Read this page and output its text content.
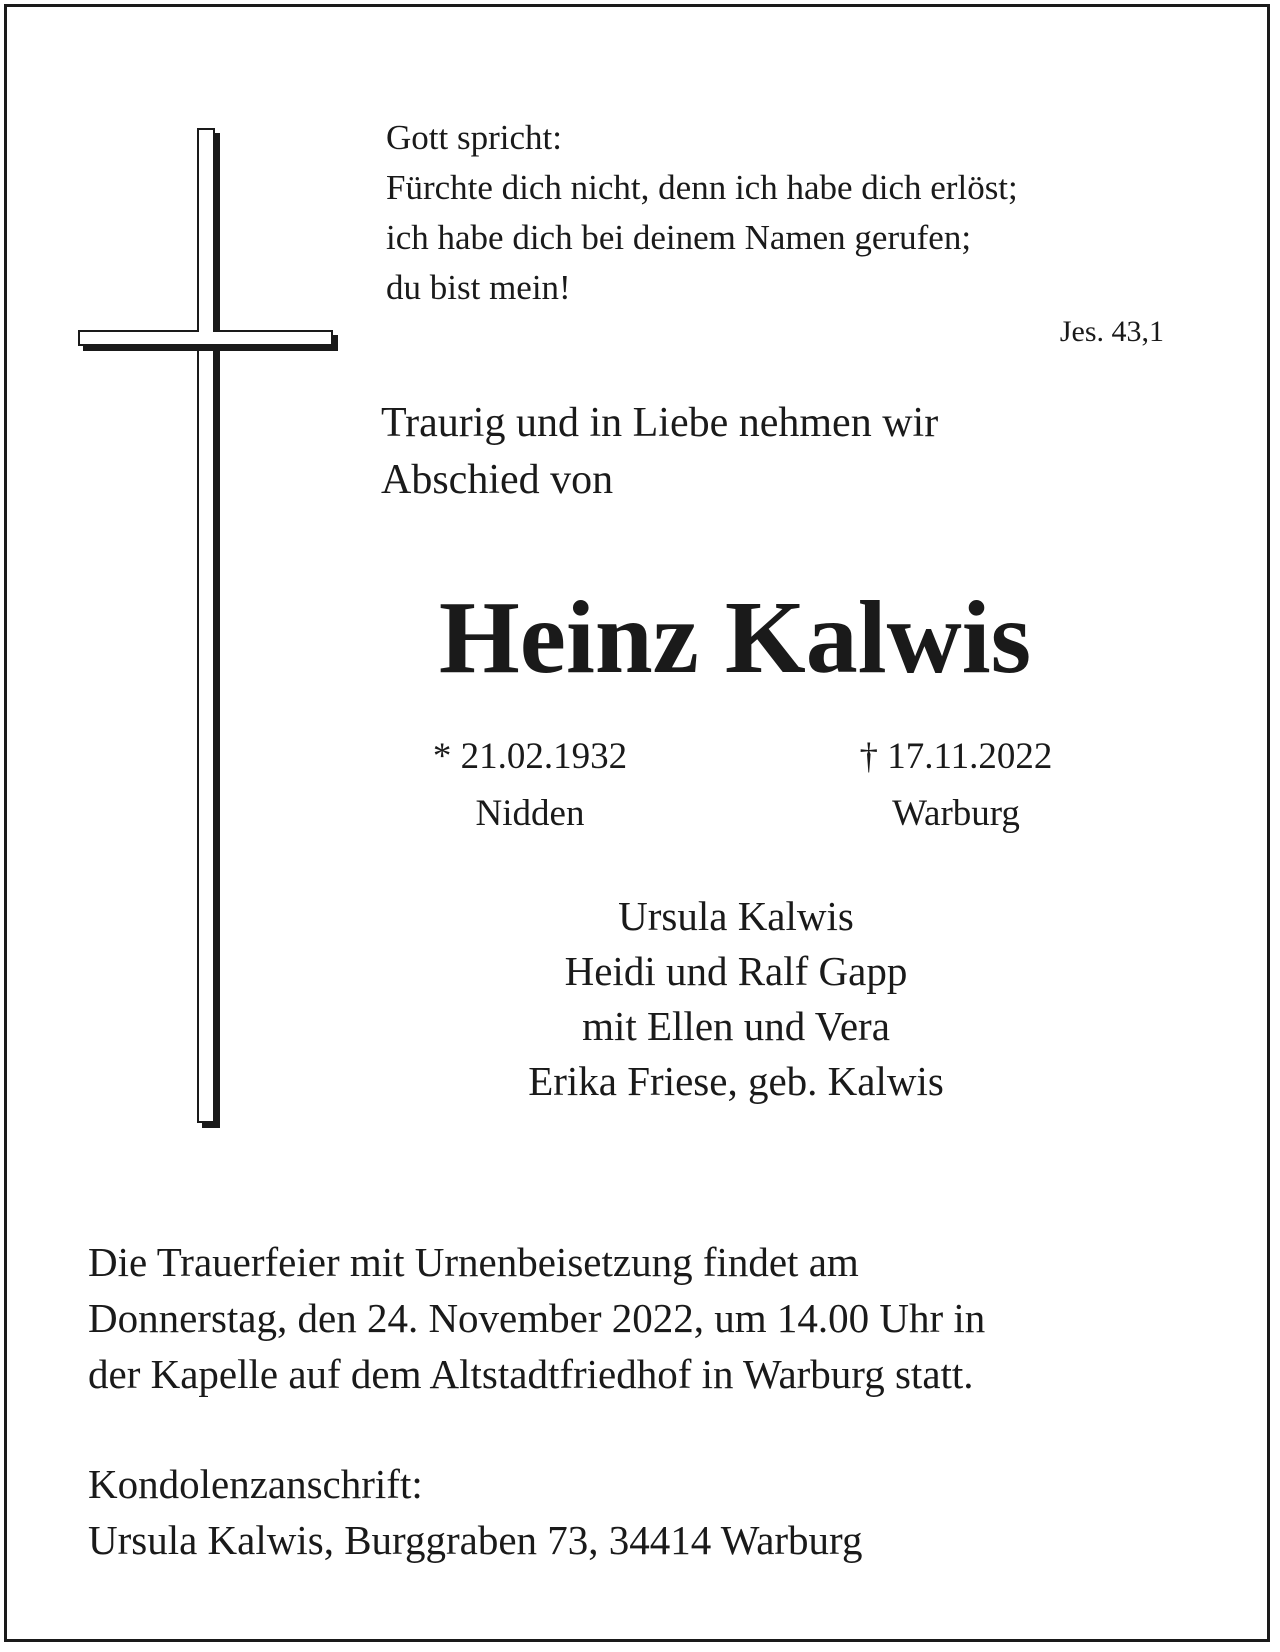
Gott spricht:
Fürchte dich nicht, denn ich habe dich erlöst;
ich habe dich bei deinem Namen gerufen;
du bist mein!
Jes. 43,1
Traurig und in Liebe nehmen wir
Abschied von
Heinz Kalwis
* 21.02.1932
Nidden
† 17.11.2022
Warburg
Ursula Kalwis
Heidi und Ralf Gapp
mit Ellen und Vera
Erika Friese, geb. Kalwis
Die Trauerfeier mit Urnenbeisetzung findet am
Donnerstag, den 24. November 2022, um 14.00 Uhr in
der Kapelle auf dem Altstadtfriedhof in Warburg statt.
Kondolenzanschrift:
Ursula Kalwis, Burggraben 73, 34414 Warburg
